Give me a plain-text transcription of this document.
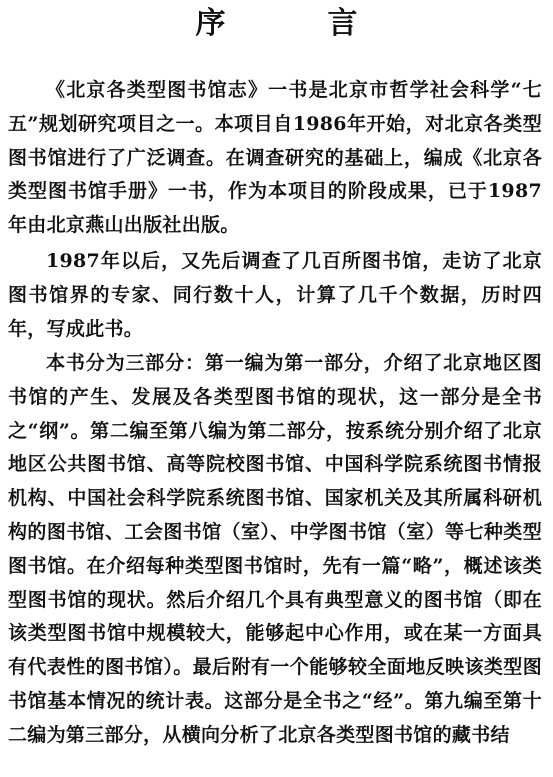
序　言

《北京各类型图书馆志》一书是北京市哲学社会科学“七五”规划研究项目之一。本项目自1986年开始，对北京各类型图书馆进行了广泛调查。在调查研究的基础上，编成《北京各类型图书馆手册》一书，作为本项目的阶段成果，已于1987年由北京燕山出版社出版。

1987年以后，又先后调查了几百所图书馆，走访了北京图书馆界的专家、同行数十人，计算了几千个数据，历时四年，写成此书。

本书分为三部分：第一编为第一部分，介绍了北京地区图书馆的产生、发展及各类型图书馆的现状，这一部分是全书之“纲”。第二编至第八编为第二部分，按系统分别介绍了北京地区公共图书馆、高等院校图书馆、中国科学院系统图书情报机构、中国社会科学院系统图书馆、国家机关及其所属科研机构的图书馆、工会图书馆（室）、中学图书馆（室）等七种类型图书馆。在介绍每种类型图书馆时，先有一篇“略”，概述该类型图书馆的现状。然后介绍几个具有典型意义的图书馆（即在该类型图书馆中规模较大，能够起中心作用，或在某一方面具有代表性的图书馆）。最后附有一个能够较全面地反映该类型图书馆基本情况的统计表。这部分是全书之“经”。第九编至第十二编为第三部分，从横向分析了北京各类型图书馆的藏书结
